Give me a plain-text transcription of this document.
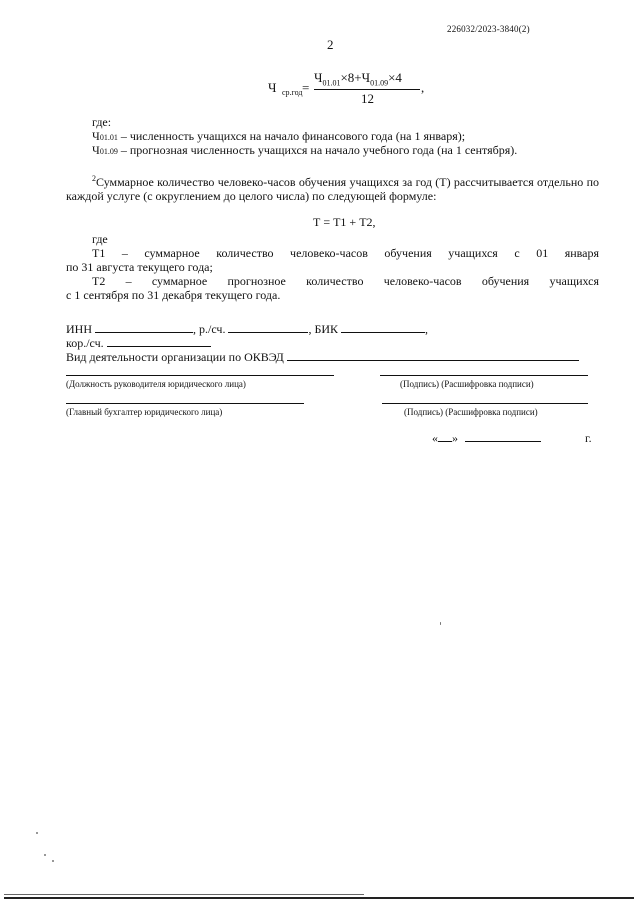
226032/2023-3840(2)
2
Ч ср.год =
$Ч_{01.01}\times 8+Ч_{01.09}\times 4$
12
,
где:
Ч01.01 – численность учащихся на начало финансового года (на 1 января);
Ч01.09 – прогнозная численность учащихся на начало учебного года (на 1 сентября).
$^2$Суммарное количество человеко-часов обучения учащихся за год (Т) рассчитывается отдельно по каждой услуге (с округлением до целого числа) по следующей формуле:
Т = Т1 + Т2,
где
Т1 – суммарное количество человеко-часов обучения учащихся с 01 января
по 31 августа текущего года;
Т2 – суммарное прогнозное количество человеко-часов обучения учащихся
с 1 сентября по 31 декабря текущего года.
ИНН	, р./сч.	, БИК	,
кор./сч.
Вид деятельности организации по ОКВЭД
(Должность руководителя юридического лица)	(Подпись) (Расшифровка подписи)
(Главный бухгалтер юридического лица)	(Подпись) (Расшифровка подписи)
« »	г.
